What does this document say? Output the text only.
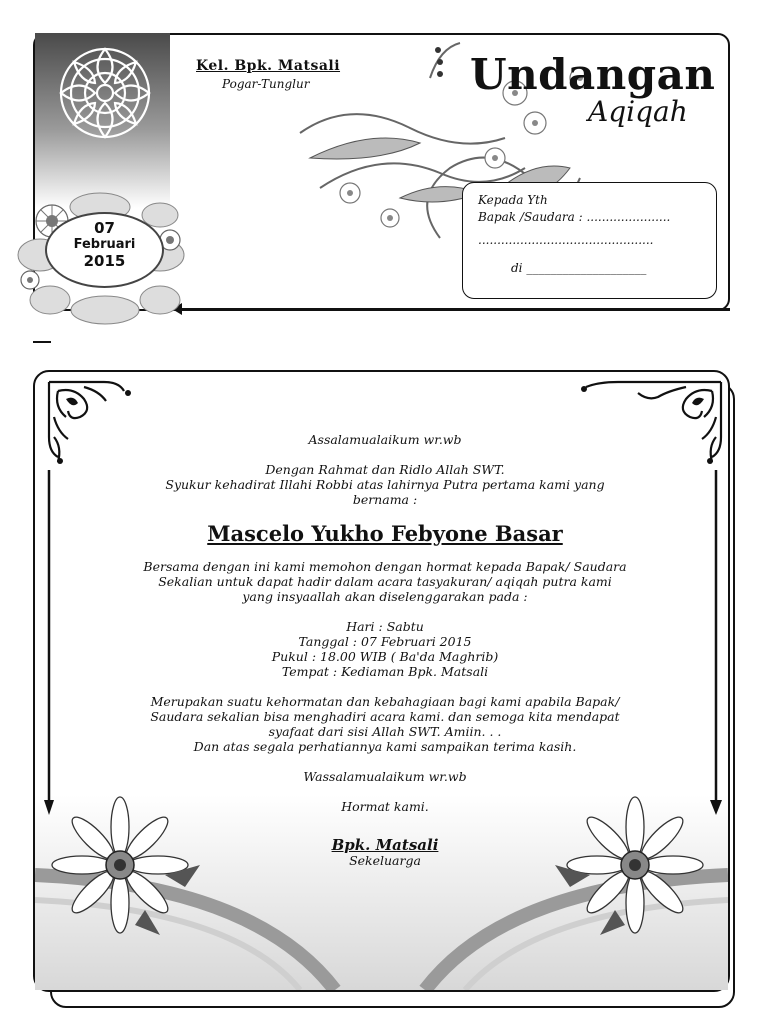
Kel. Bpk. Matsali
Pogar-Tunglur	Undangan
Aqiqah
Kepada Yth
Bapak /Saudara : ......................
..............................................
di ____________________
07
Februari
2015

Assalamualaikum wr.wb

Dengan Rahmat dan Ridlo Allah SWT.

Syukur kehadirat Illahi Robbi atas lahirnya Putra pertama kami yang

bernama :

Mascelo Yukho Febyone Basar

Bersama dengan ini kami memohon dengan hormat kepada Bapak/ Saudara

Sekalian untuk dapat hadir dalam acara tasyakuran/ aqiqah putra kami

yang insyaallah akan diselenggarakan pada :

Hari : Sabtu

Tanggal : 07 Februari 2015

Pukul : 18.00 WIB ( Ba'da Maghrib)

Tempat : Kediaman Bpk. Matsali

Merupakan suatu kehormatan dan kebahagiaan bagi kami apabila Bapak/

Saudara sekalian bisa menghadiri acara kami. dan semoga kita mendapat

syafaat dari sisi Allah SWT. Amiin. . .

Dan atas segala perhatiannya kami sampaikan terima kasih.

Wassalamualaikum wr.wb

Hormat kami.

Bpk. Matsali

Sekeluarga
